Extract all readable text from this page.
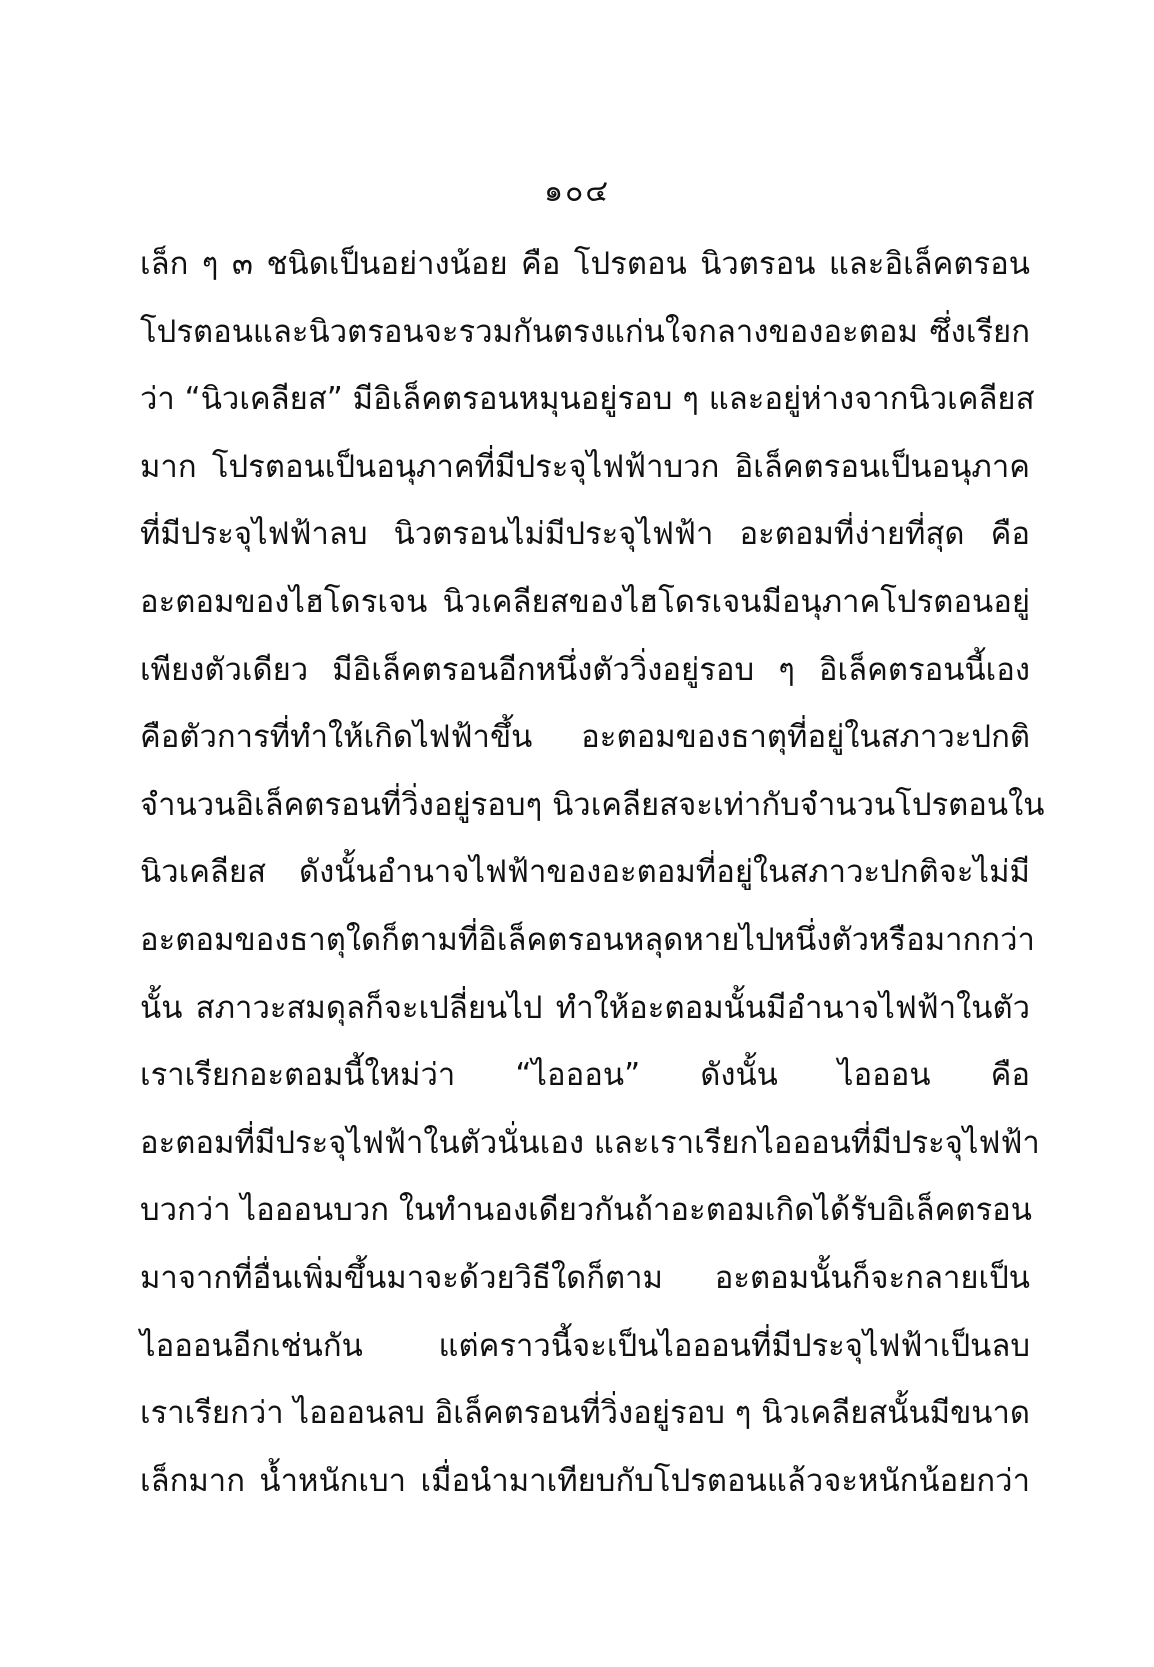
๑๐๔
เล็ก ๆ ๓ ชนิดเป็นอย่างน้อย คือ โปรตอน นิวตรอน และอิเล็คตรอน
โปรตอนและนิวตรอนจะรวมกันตรงแก่นใจกลางของอะตอม ซึ่งเรียก
ว่า “นิวเคลียส” มีอิเล็คตรอนหมุนอยู่รอบ ๆ และอยู่ห่างจากนิวเคลียส
มาก โปรตอนเป็นอนุภาคที่มีประจุไฟฟ้าบวก อิเล็คตรอนเป็นอนุภาค
ที่มีประจุไฟฟ้าลบ นิวตรอนไม่มีประจุไฟฟ้า อะตอมที่ง่ายที่สุด คือ
อะตอมของไฮโดรเจน นิวเคลียสของไฮโดรเจนมีอนุภาคโปรตอนอยู่
เพียงตัวเดียว มีอิเล็คตรอนอีกหนึ่งตัววิ่งอยู่รอบ ๆ อิเล็คตรอนนี้เอง
คือตัวการที่ทำให้เกิดไฟฟ้าขึ้น อะตอมของธาตุที่อยู่ในสภาวะปกติ
จำนวนอิเล็คตรอนที่วิ่งอยู่รอบๆ นิวเคลียสจะเท่ากับจำนวนโปรตอนใน
นิวเคลียส ดังนั้นอำนาจไฟฟ้าของอะตอมที่อยู่ในสภาวะปกติจะไม่มี
อะตอมของธาตุใดก็ตามที่อิเล็คตรอนหลุดหายไปหนึ่งตัวหรือมากกว่า
นั้น สภาวะสมดุลก็จะเปลี่ยนไป ทำให้อะตอมนั้นมีอำนาจไฟฟ้าในตัว
เราเรียกอะตอมนี้ใหม่ว่า “ไอออน” ดังนั้น ไอออน คือ
อะตอมที่มีประจุไฟฟ้าในตัวนั่นเอง และเราเรียกไอออนที่มีประจุไฟฟ้า
บวกว่า ไอออนบวก ในทำนองเดียวกันถ้าอะตอมเกิดได้รับอิเล็คตรอน
มาจากที่อื่นเพิ่มขึ้นมาจะด้วยวิธีใดก็ตาม อะตอมนั้นก็จะกลายเป็น
ไอออนอีกเช่นกัน แต่คราวนี้จะเป็นไอออนที่มีประจุไฟฟ้าเป็นลบ
เราเรียกว่า ไอออนลบ อิเล็คตรอนที่วิ่งอยู่รอบ ๆ นิวเคลียสนั้นมีขนาด
เล็กมาก น้ำหนักเบา เมื่อนำมาเทียบกับโปรตอนแล้วจะหนักน้อยกว่า
